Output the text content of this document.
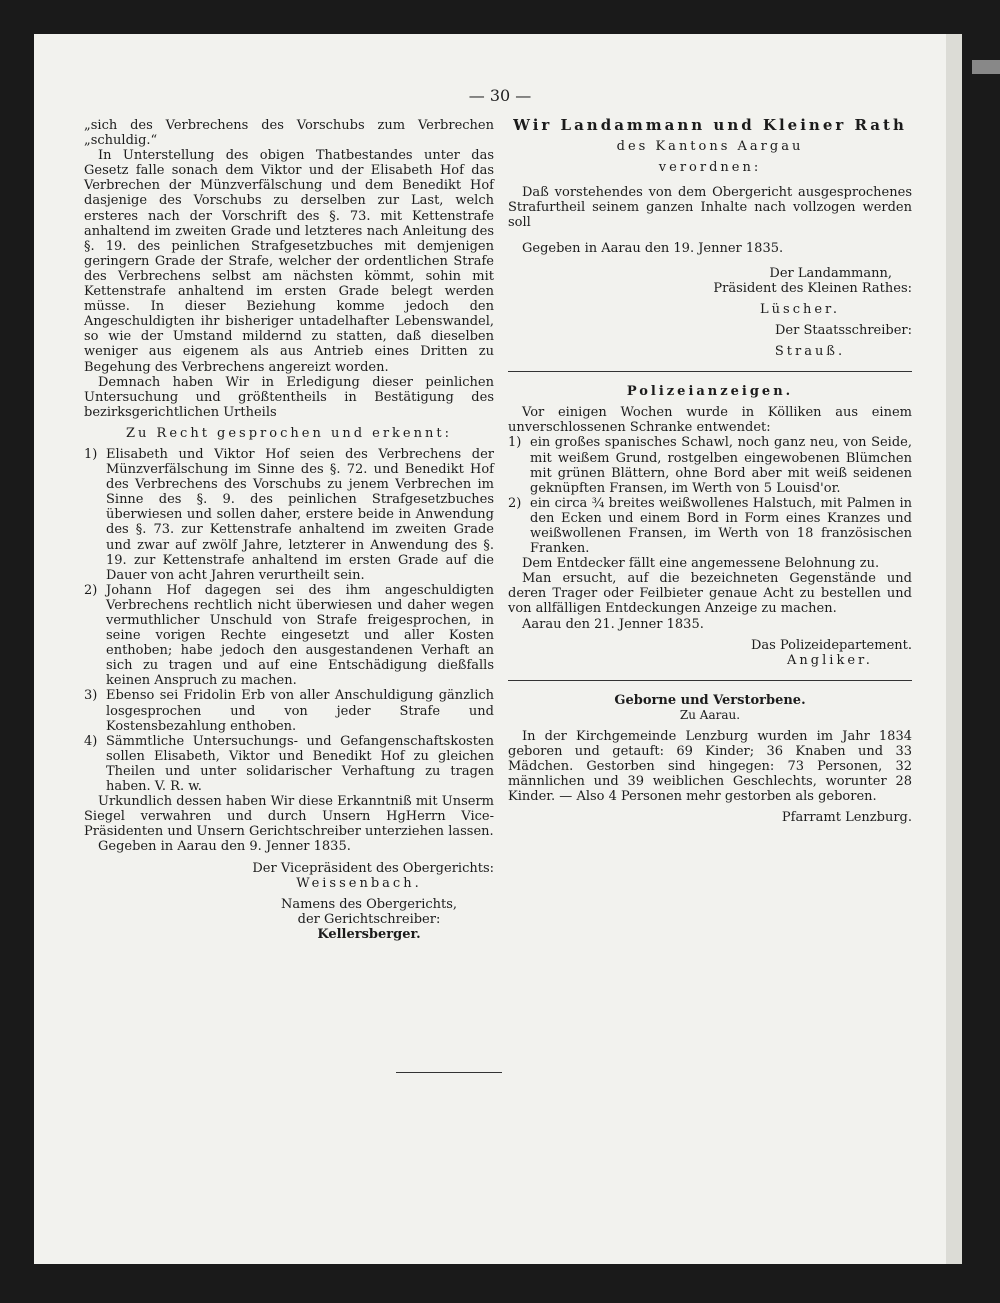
— 30 —

„sich des Verbrechens des Vorschubs zum Verbrechen „schuldig.“

In Unterstellung des obigen Thatbestandes unter das Gesetz falle sonach dem Viktor und der Elisabeth Hof das Verbrechen der Münzverfälschung und dem Benedikt Hof dasjenige des Vorschubs zu derselben zur Last, welch ersteres nach der Vorschrift des §. 73. mit Kettenstrafe anhaltend im zweiten Grade und letzteres nach Anleitung des §. 19. des peinlichen Strafgesetzbuches mit demjenigen geringern Grade der Strafe, welcher der ordentlichen Strafe des Verbrechens selbst am nächsten kömmt, sohin mit Kettenstrafe anhaltend im ersten Grade belegt werden müsse. In dieser Beziehung komme jedoch den Angeschuldigten ihr bisheriger untadelhafter Lebenswandel, so wie der Umstand mildernd zu statten, daß dieselben weniger aus eigenem als aus Antrieb eines Dritten zu Begehung des Verbrechens angereizt worden.

Demnach haben Wir in Erledigung dieser peinlichen Untersuchung und größtentheils in Bestätigung des bezirksgerichtlichen Urtheils

Zu Recht gesprochen und erkennt:

1) Elisabeth und Viktor Hof seien des Verbrechens der Münzverfälschung im Sinne des §. 72. und Benedikt Hof des Verbrechens des Vorschubs zu jenem Verbrechen im Sinne des §. 9. des peinlichen Strafgesetzbuches überwiesen und sollen daher, erstere beide in Anwendung des §. 73. zur Kettenstrafe anhaltend im zweiten Grade und zwar auf zwölf Jahre, letzterer in Anwendung des §. 19. zur Kettenstrafe anhaltend im ersten Grade auf die Dauer von acht Jahren verurtheilt sein.
2) Johann Hof dagegen sei des ihm angeschuldigten Verbrechens rechtlich nicht überwiesen und daher wegen vermuthlicher Unschuld von Strafe freigesprochen, in seine vorigen Rechte eingesetzt und aller Kosten enthoben; habe jedoch den ausgestandenen Verhaft an sich zu tragen und auf eine Entschädigung dießfalls keinen Anspruch zu machen.
3) Ebenso sei Fridolin Erb von aller Anschuldigung gänzlich losgesprochen und von jeder Strafe und Kostensbezahlung enthoben.
4) Sämmtliche Untersuchungs- und Gefangenschaftskosten sollen Elisabeth, Viktor und Benedikt Hof zu gleichen Theilen und unter solidarischer Verhaftung zu tragen haben. V. R. w.

Urkundlich dessen haben Wir diese Erkanntniß mit Unserm Siegel verwahren und durch Unsern HgHerrn Vice-Präsidenten und Unsern Gerichtschreiber unterziehen lassen.

Gegeben in Aarau den 9. Jenner 1835.

Der Vicepräsident des Obergerichts:

Weissenbach.

Namens des Obergerichts,

der Gerichtschreiber:

Kellersberger.

Wir Landammann und Kleiner Rath

des Kantons Aargau

verordnen:

Daß vorstehendes von dem Obergericht ausgesprochenes Strafurtheil seinem ganzen Inhalte nach vollzogen werden soll

Gegeben in Aarau den 19. Jenner 1835.

Der Landammann,

Präsident des Kleinen Rathes:

Lüscher.

Der Staatsschreiber:

Strauß.

Polizeianzeigen.

Vor einigen Wochen wurde in Kölliken aus einem unverschlossenen Schranke entwendet:

1) ein großes spanisches Schawl, noch ganz neu, von Seide, mit weißem Grund, rostgelben eingewobenen Blümchen mit grünen Blättern, ohne Bord aber mit weiß seidenen geknüpften Fransen, im Werth von 5 Louisd'or.
2) ein circa ¾ breites weißwollenes Halstuch, mit Palmen in den Ecken und einem Bord in Form eines Kranzes und weißwollenen Fransen, im Werth von 18 französischen Franken.

Dem Entdecker fällt eine angemessene Belohnung zu.

Man ersucht, auf die bezeichneten Gegenstände und deren Trager oder Feilbieter genaue Acht zu bestellen und von allfälligen Entdeckungen Anzeige zu machen.

Aarau den 21. Jenner 1835.

Das Polizeidepartement.

Angliker.

Geborne und Verstorbene.

Zu Aarau.

In der Kirchgemeinde Lenzburg wurden im Jahr 1834 geboren und getauft: 69 Kinder; 36 Knaben und 33 Mädchen. Gestorben sind hingegen: 73 Personen, 32 männlichen und 39 weiblichen Geschlechts, worunter 28 Kinder. — Also 4 Personen mehr gestorben als geboren.

Pfarramt Lenzburg.
